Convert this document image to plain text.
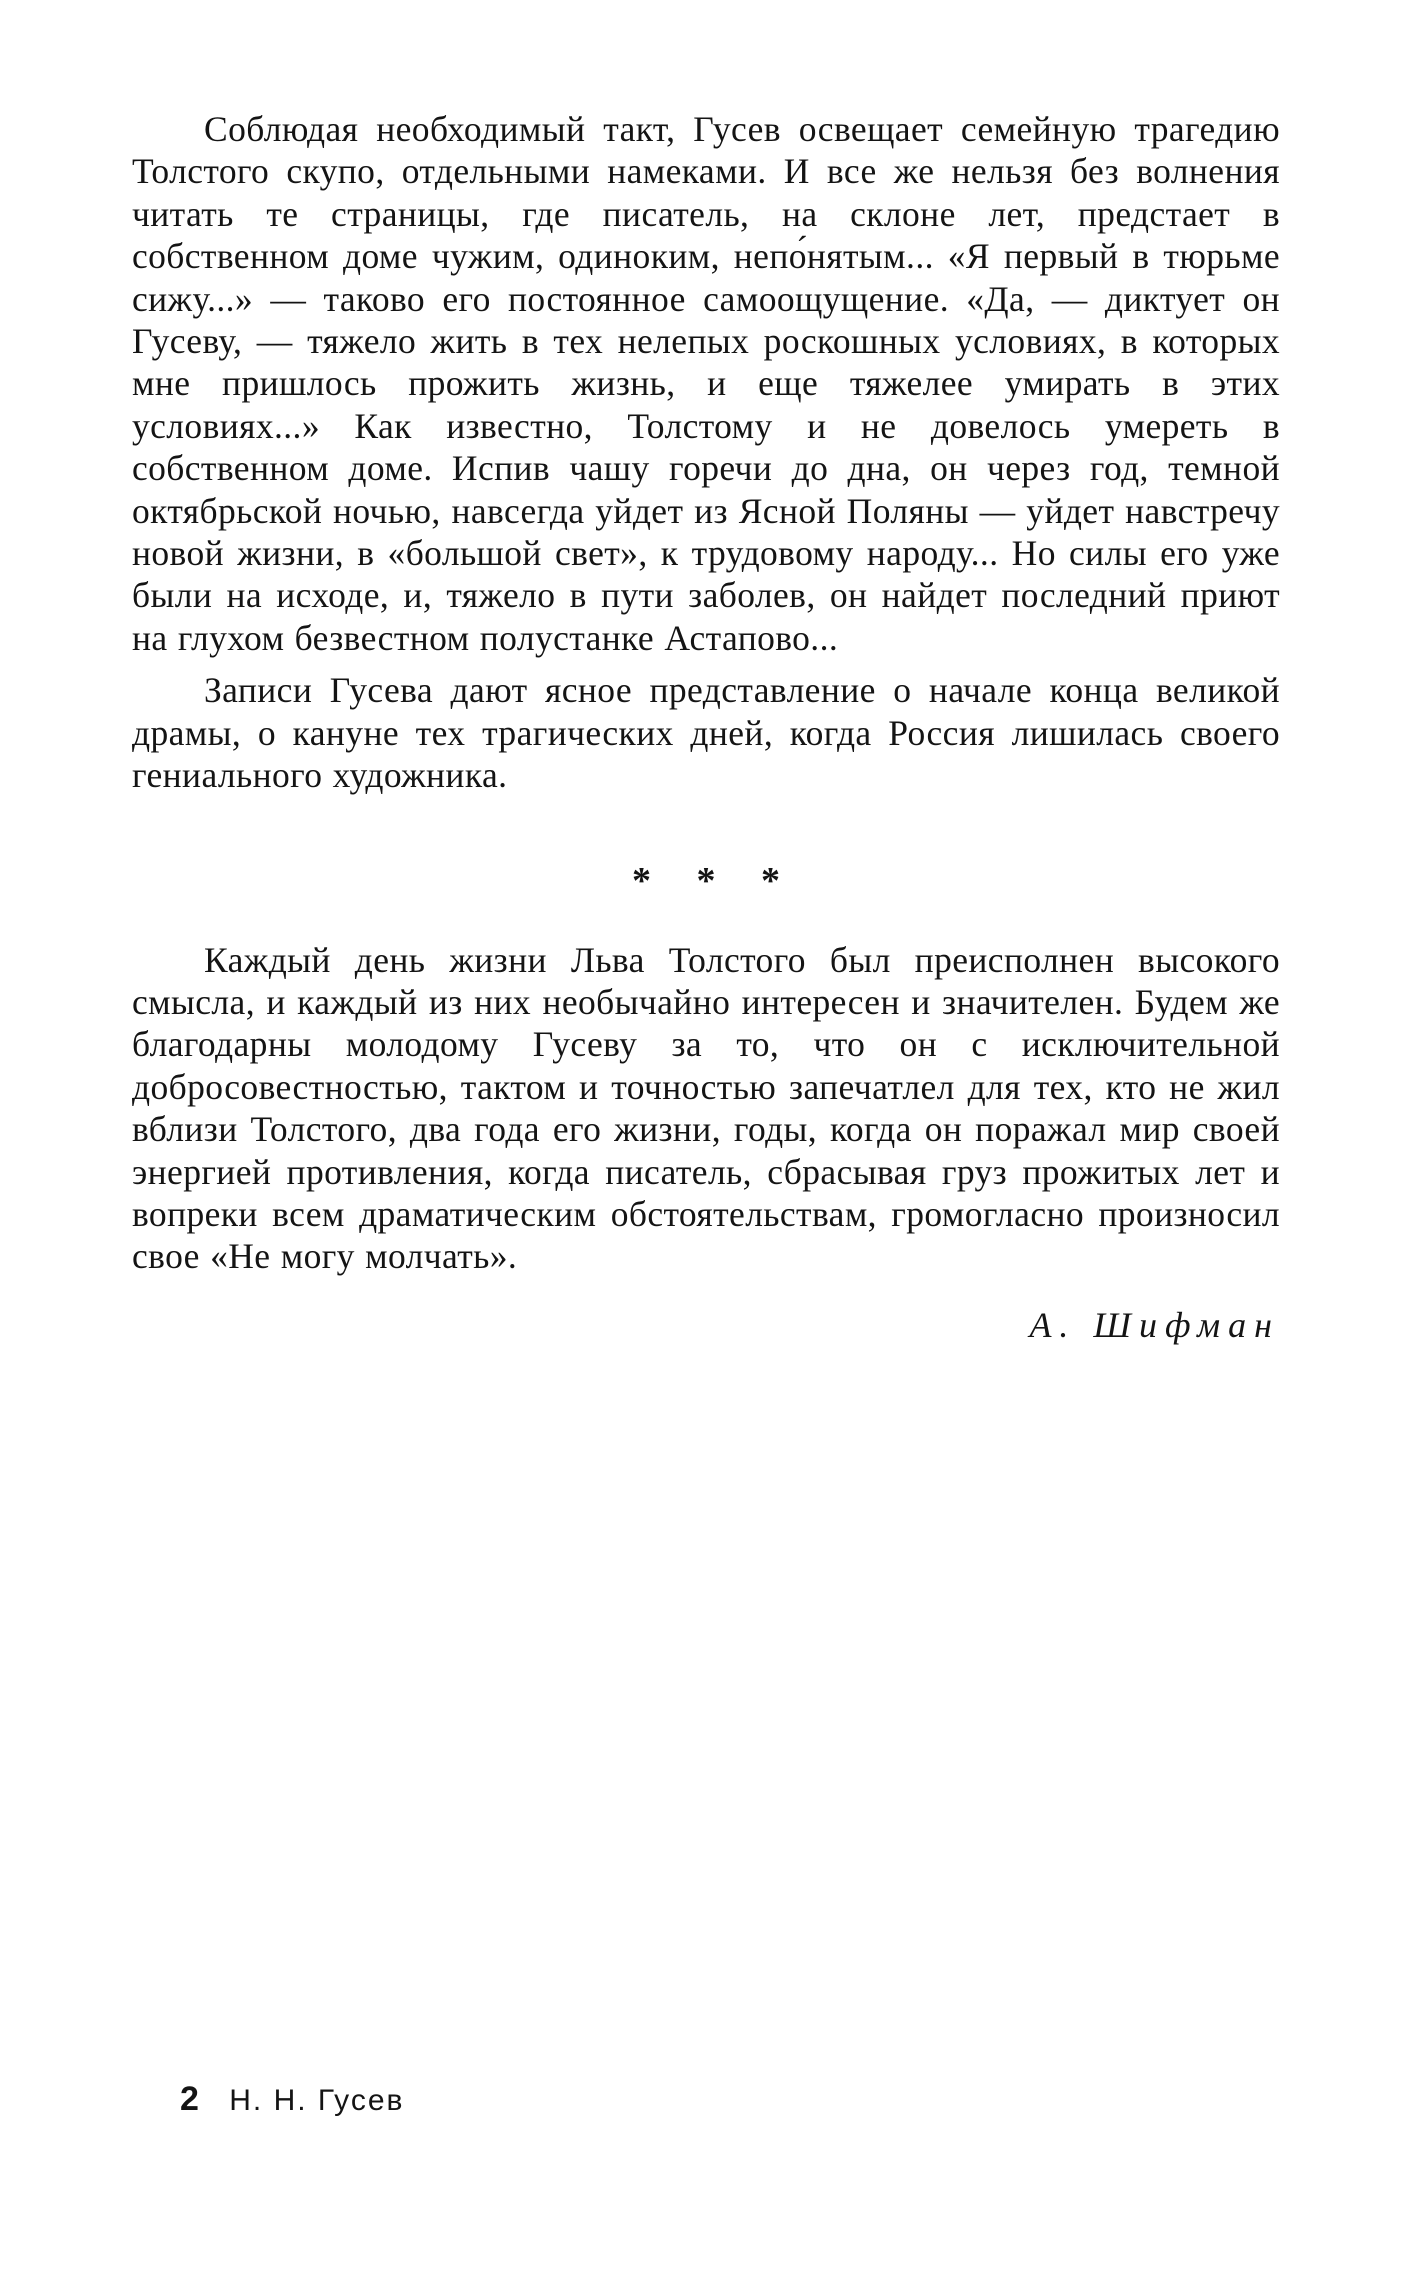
Соблюдая необходимый такт, Гусев освещает семейную трагедию Толстого скупо, отдельными намеками. И все же нельзя без волнения читать те страницы, где писатель, на склоне лет, предстает в собственном доме чужим, одиноким, непо́нятым... «Я первый в тюрьме сижу...» — таково его постоянное самоощущение. «Да, — диктует он Гусеву, — тяжело жить в тех нелепых роскошных условиях, в которых мне пришлось прожить жизнь, и еще тяжелее умирать в этих условиях...» Как известно, Толстому и не довелось умереть в собственном доме. Испив чашу горечи до дна, он через год, темной октябрьской ночью, навсегда уйдет из Ясной Поляны — уйдет навстречу новой жизни, в «большой свет», к трудовому народу... Но силы его уже были на исходе, и, тяжело в пути заболев, он найдет последний приют на глухом безвестном полустанке Астапово...

Записи Гусева дают ясное представление о начале конца великой драмы, о кануне тех трагических дней, когда Россия лишилась своего гениального художника.

* * *

Каждый день жизни Льва Толстого был преисполнен высокого смысла, и каждый из них необычайно интересен и значителен. Будем же благодарны молодому Гусеву за то, что он с исключительной добросовестностью, тактом и точностью запечатлел для тех, кто не жил вблизи Толстого, два года его жизни, годы, когда он поражал мир своей энергией противления, когда писатель, сбрасывая груз прожитых лет и вопреки всем драматическим обстоятельствам, громогласно произносил свое «Не могу молчать».

А. Шифман
2 Н. Н. Гусев
